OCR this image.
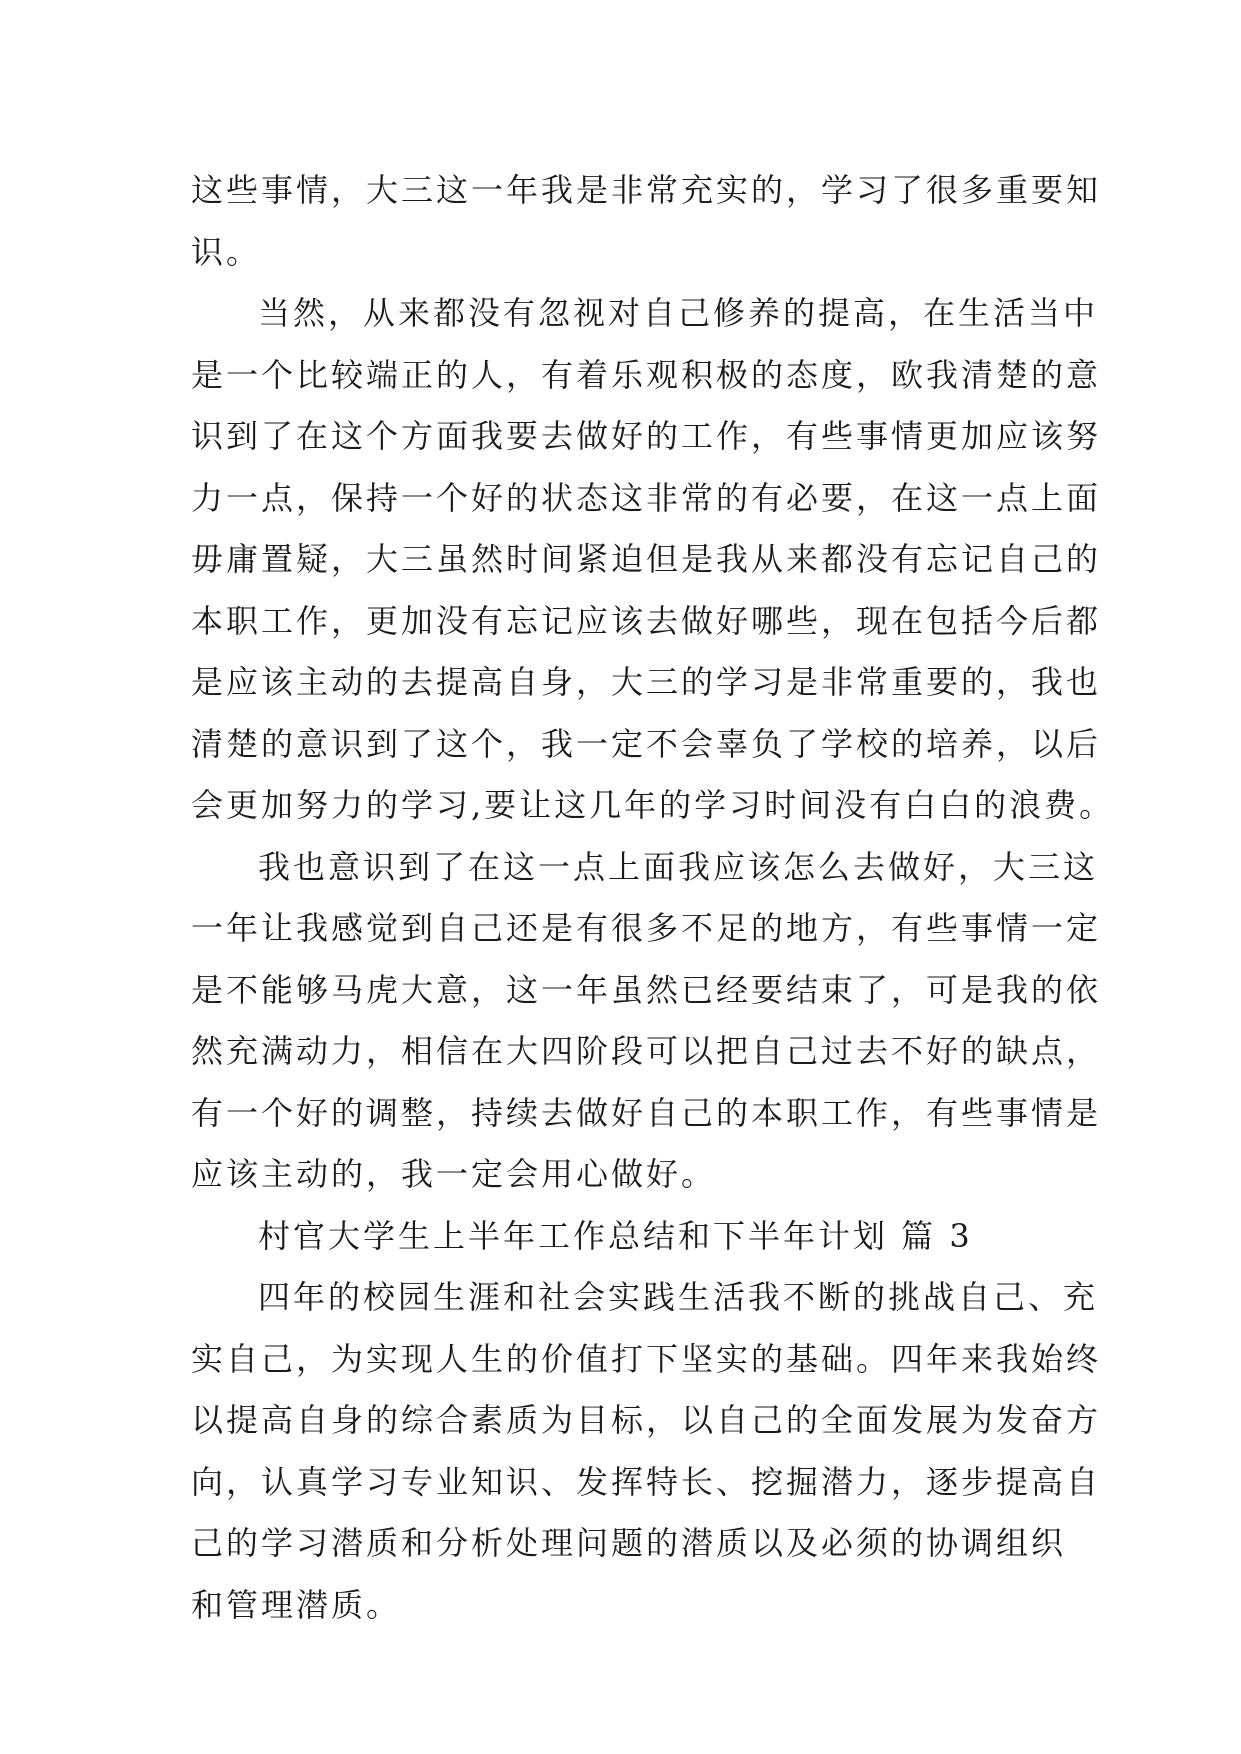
这些事情，大三这一年我是非常充实的，学习了很多重要知
识。
当然，从来都没有忽视对自己修养的提高，在生活当中
是一个比较端正的人，有着乐观积极的态度，欧我清楚的意
识到了在这个方面我要去做好的工作，有些事情更加应该努
力一点，保持一个好的状态这非常的有必要，在这一点上面
毋庸置疑，大三虽然时间紧迫但是我从来都没有忘记自己的
本职工作，更加没有忘记应该去做好哪些，现在包括今后都
是应该主动的去提高自身，大三的学习是非常重要的，我也
清楚的意识到了这个，我一定不会辜负了学校的培养，以后
会更加努力的学习,要让这几年的学习时间没有白白的浪费。
我也意识到了在这一点上面我应该怎么去做好，大三这
一年让我感觉到自己还是有很多不足的地方，有些事情一定
是不能够马虎大意，这一年虽然已经要结束了，可是我的依
然充满动力，相信在大四阶段可以把自己过去不好的缺点，
有一个好的调整，持续去做好自己的本职工作，有些事情是
应该主动的，我一定会用心做好。
村官大学生上半年工作总结和下半年计划 篇 3
四年的校园生涯和社会实践生活我不断的挑战自己、充
实自己，为实现人生的价值打下坚实的基础。四年来我始终
以提高自身的综合素质为目标，以自己的全面发展为发奋方
向，认真学习专业知识、发挥特长、挖掘潜力，逐步提高自
己的学习潜质和分析处理问题的潜质以及必须的协调组织
和管理潜质。
